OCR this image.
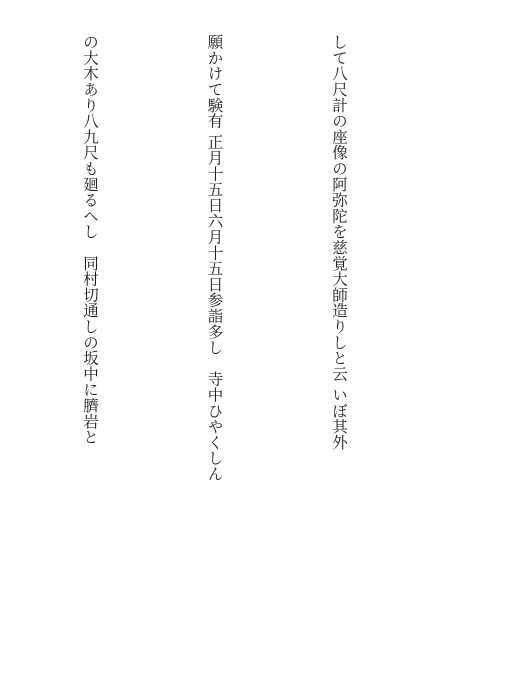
して八尺計の座像の阿弥陀を慈覚大師造りしと云 いぼ其外

願かけて験有 正月十五日六月十五日参詣多し　寺中ひやくしん

の大木あり八九尺も廻るへし　同村切通しの坂中に臍岩と
